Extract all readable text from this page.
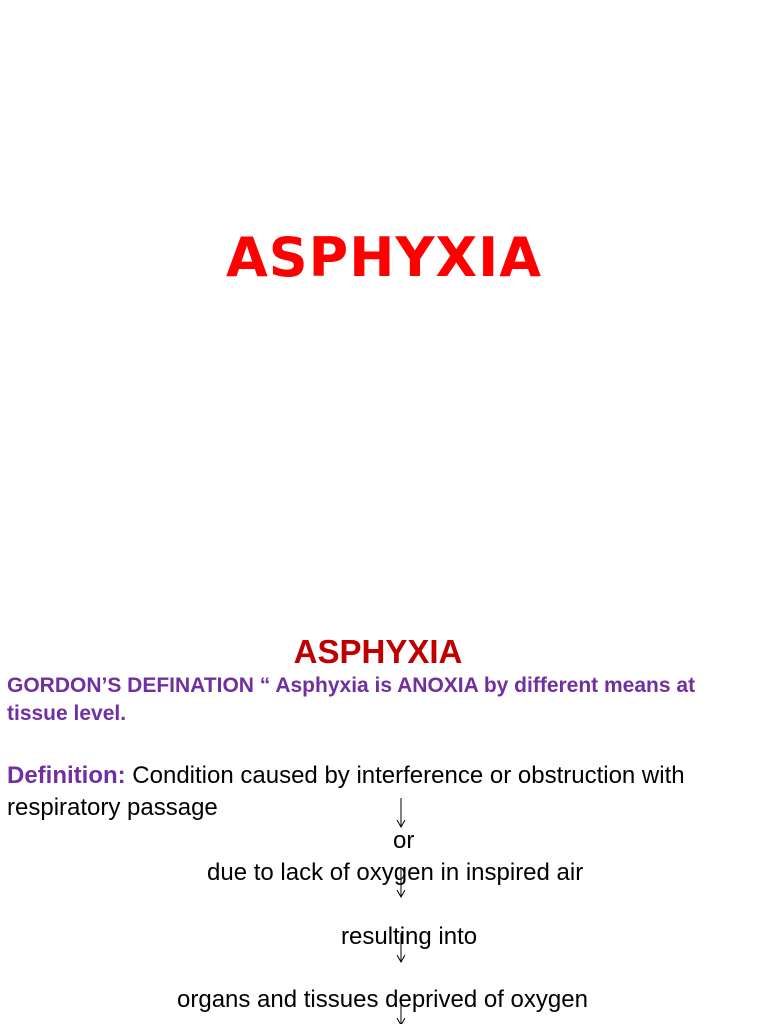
ASPHYXIA
ASPHYXIA
GORDON’S DEFINATION “ Asphyxia is ANOXIA by different means at tissue level.
Definition: Condition caused by interference or obstruction with respiratory passage
or
due to lack of oxygen in inspired air
resulting into
organs and tissues deprived of oxygen
